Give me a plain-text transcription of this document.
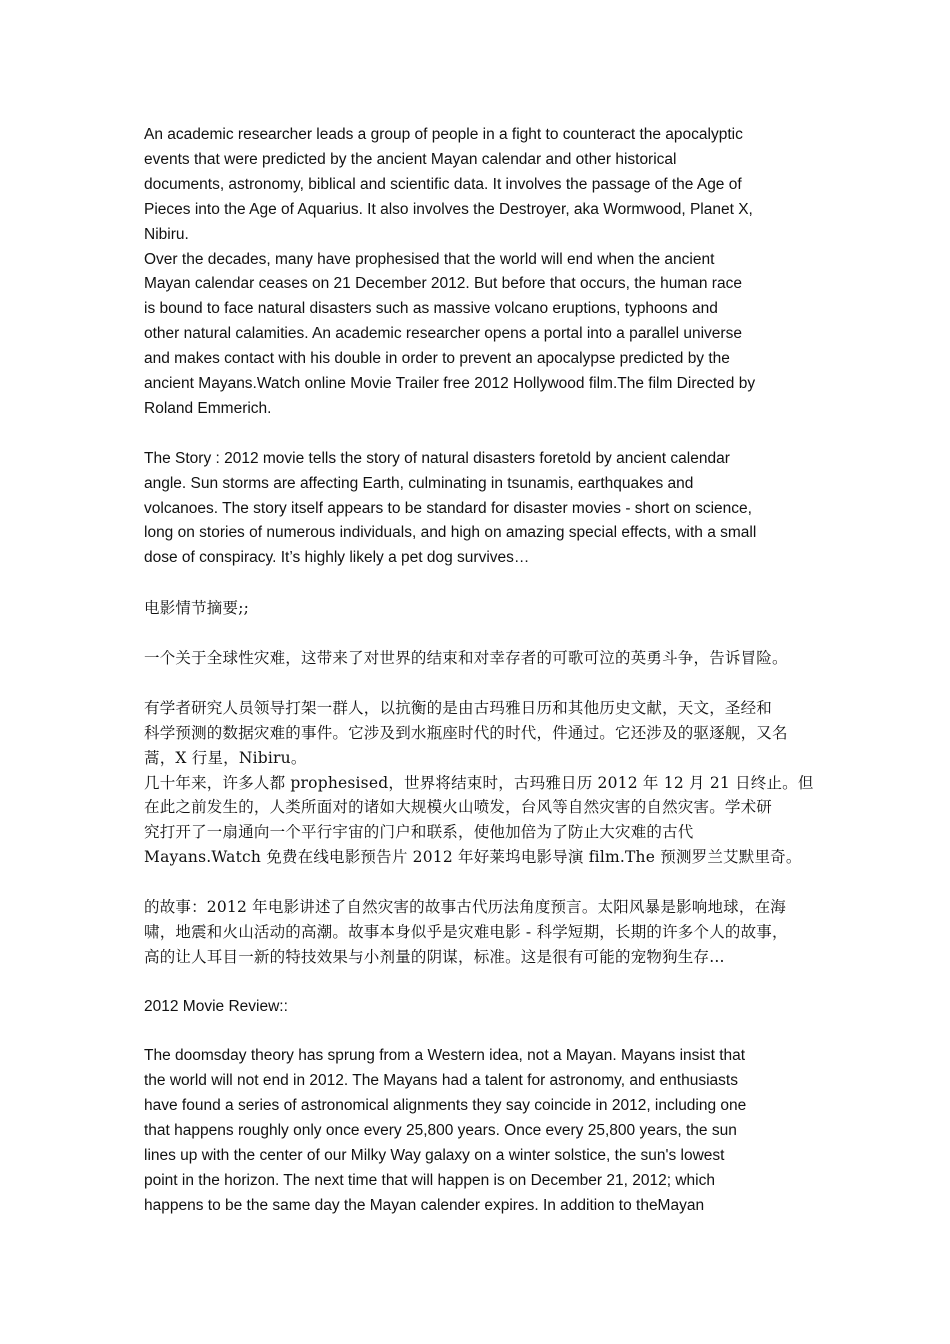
An academic researcher leads a group of people in a fight to counteract the apocalyptic
events that were predicted by the ancient Mayan calendar and other historical
documents, astronomy, biblical and scientific data. It involves the passage of the Age of
Pieces into the Age of Aquarius. It also involves the Destroyer, aka Wormwood, Planet X,
Nibiru.
Over the decades, many have prophesised that the world will end when the ancient
Mayan calendar ceases on 21 December 2012. But before that occurs, the human race
is bound to face natural disasters such as massive volcano eruptions, typhoons and
other natural calamities. An academic researcher opens a portal into a parallel universe
and makes contact with his double in order to prevent an apocalypse predicted by the
ancient Mayans.Watch online Movie Trailer free 2012 Hollywood film.The film Directed by
Roland Emmerich.
The Story : 2012 movie tells the story of natural disasters foretold by ancient calendar
angle. Sun storms are affecting Earth, culminating in tsunamis, earthquakes and
volcanoes. The story itself appears to be standard for disaster movies - short on science,
long on stories of numerous individuals, and high on amazing special effects, with a small
dose of conspiracy. It’s highly likely a pet dog survives…
电影情节摘要;;
一个关于全球性灾难，这带来了对世界的结束和对幸存者的可歌可泣的英勇斗争，告诉冒险。
有学者研究人员领导打架一群人，以抗衡的是由古玛雅日历和其他历史文献，天文，圣经和
科学预测的数据灾难的事件。它涉及到水瓶座时代的时代，件通过。它还涉及的驱逐舰，又名
蒿，X 行星，Nibiru。
几十年来，许多人都 prophesised，世界将结束时，古玛雅日历 2012 年 12 月 21 日终止。但
在此之前发生的，人类所面对的诸如大规模火山喷发，台风等自然灾害的自然灾害。学术研
究打开了一扇通向一个平行宇宙的门户和联系，使他加倍为了防止大灾难的古代
Mayans.Watch 免费在线电影预告片 2012 年好莱坞电影导演 film.The 预测罗兰艾默里奇。
的故事：2012 年电影讲述了自然灾害的故事古代历法角度预言。太阳风暴是影响地球，在海
啸，地震和火山活动的高潮。故事本身似乎是灾难电影 - 科学短期，长期的许多个人的故事，
高的让人耳目一新的特技效果与小剂量的阴谋，标准。这是很有可能的宠物狗生存...
2012 Movie Review::
The doomsday theory has sprung from a Western idea, not a Mayan. Mayans insist that
the world will not end in 2012. The Mayans had a talent for astronomy, and enthusiasts
have found a series of astronomical alignments they say coincide in 2012, including one
that happens roughly only once every 25,800 years. Once every 25,800 years, the sun
lines up with the center of our Milky Way galaxy on a winter solstice, the sun's lowest
point in the horizon. The next time that will happen is on December 21, 2012; which
happens to be the same day the Mayan calender expires. In addition to theMayan
